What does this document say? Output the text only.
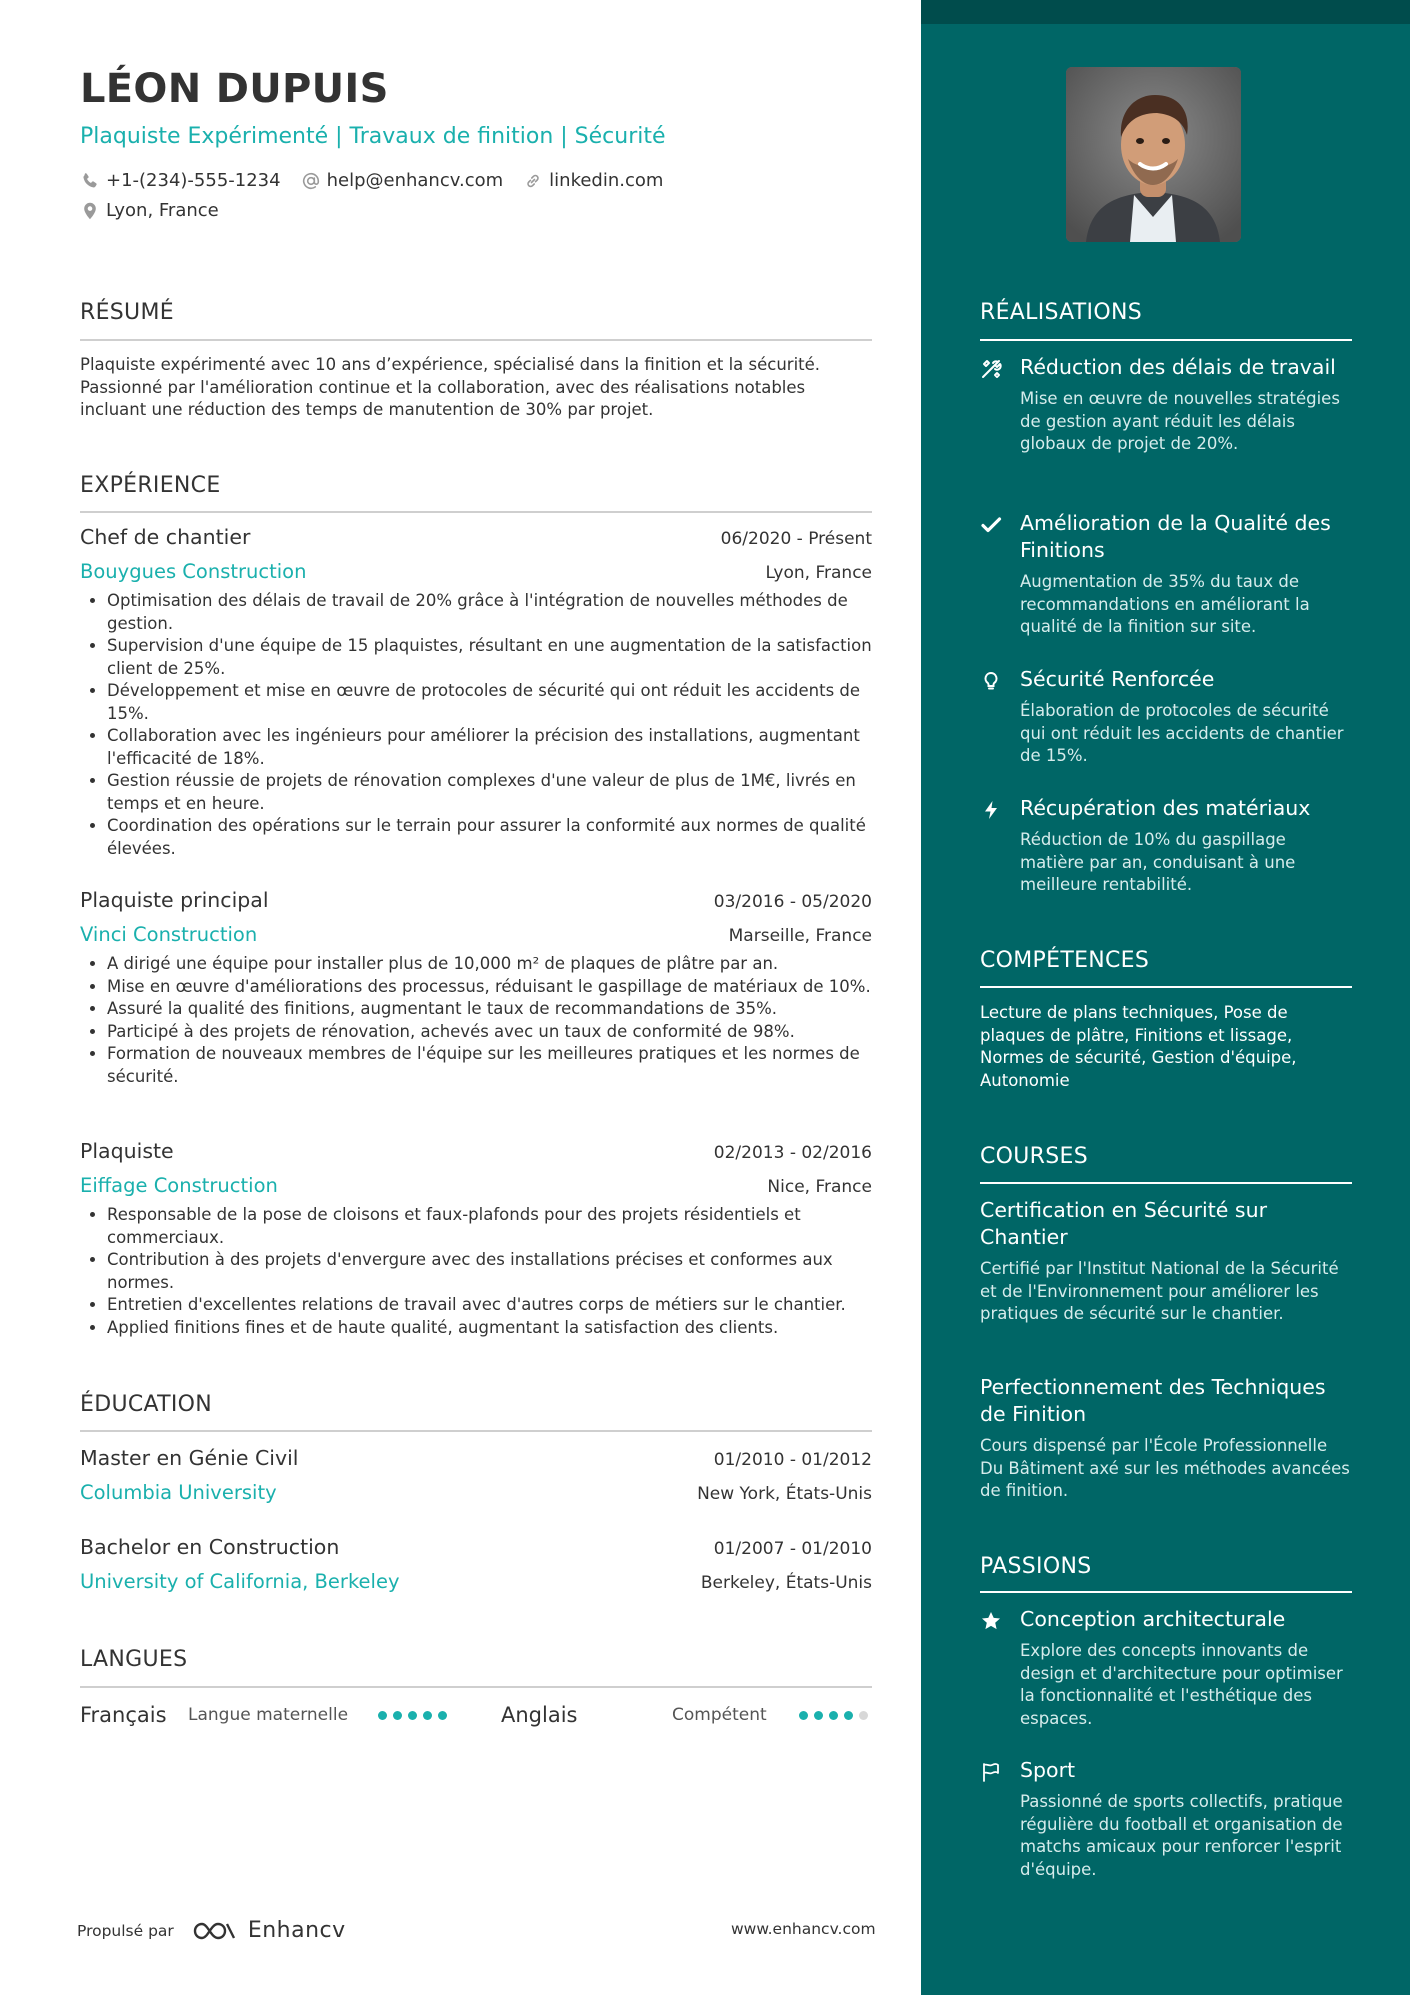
LÉON DUPUIS
Plaquiste Expérimenté | Travaux de finition | Sécurité
+1-(234)-555-1234	help@enhancv.com	linkedin.com
Lyon, France
RÉSUMÉ
Plaquiste expérimenté avec 10 ans d’expérience, spécialisé dans la finition et la sécurité. Passionné par l'amélioration continue et la collaboration, avec des réalisations notables incluant une réduction des temps de manutention de 30% par projet.
EXPÉRIENCE
Chef de chantier	06/2020 - Présent
Bouygues Construction	Lyon, France
• Optimisation des délais de travail de 20% grâce à l'intégration de nouvelles méthodes de gestion.
• Supervision d'une équipe de 15 plaquistes, résultant en une augmentation de la satisfaction client de 25%.
• Développement et mise en œuvre de protocoles de sécurité qui ont réduit les accidents de 15%.
• Collaboration avec les ingénieurs pour améliorer la précision des installations, augmentant l'efficacité de 18%.
• Gestion réussie de projets de rénovation complexes d'une valeur de plus de 1M€, livrés en temps et en heure.
• Coordination des opérations sur le terrain pour assurer la conformité aux normes de qualité élevées.
Plaquiste principal	03/2016 - 05/2020
Vinci Construction	Marseille, France
• A dirigé une équipe pour installer plus de 10,000 m² de plaques de plâtre par an.
• Mise en œuvre d'améliorations des processus, réduisant le gaspillage de matériaux de 10%.
• Assuré la qualité des finitions, augmentant le taux de recommandations de 35%.
• Participé à des projets de rénovation, achevés avec un taux de conformité de 98%.
• Formation de nouveaux membres de l'équipe sur les meilleures pratiques et les normes de sécurité.
Plaquiste	02/2013 - 02/2016
Eiffage Construction	Nice, France
• Responsable de la pose de cloisons et faux-plafonds pour des projets résidentiels et commerciaux.
• Contribution à des projets d'envergure avec des installations précises et conformes aux normes.
• Entretien d'excellentes relations de travail avec d'autres corps de métiers sur le chantier.
• Applied finitions fines et de haute qualité, augmentant la satisfaction des clients.
ÉDUCATION
Master en Génie Civil	01/2010 - 01/2012
Columbia University	New York, États-Unis
Bachelor en Construction	01/2007 - 01/2010
University of California, Berkeley	Berkeley, États-Unis
LANGUES
Français	Langue maternelle	Anglais	Compétent
Propulsé par	Enhancv	www.enhancv.com
RÉALISATIONS
Réduction des délais de travail
Mise en œuvre de nouvelles stratégies de gestion ayant réduit les délais globaux de projet de 20%.
Amélioration de la Qualité des Finitions
Augmentation de 35% du taux de recommandations en améliorant la qualité de la finition sur site.
Sécurité Renforcée
Élaboration de protocoles de sécurité qui ont réduit les accidents de chantier de 15%.
Récupération des matériaux
Réduction de 10% du gaspillage matière par an, conduisant à une meilleure rentabilité.
COMPÉTENCES
Lecture de plans techniques, Pose de plaques de plâtre, Finitions et lissage, Normes de sécurité, Gestion d'équipe, Autonomie
COURSES
Certification en Sécurité sur Chantier
Certifié par l'Institut National de la Sécurité et de l'Environnement pour améliorer les pratiques de sécurité sur le chantier.
Perfectionnement des Techniques de Finition
Cours dispensé par l'École Professionnelle Du Bâtiment axé sur les méthodes avancées de finition.
PASSIONS
Conception architecturale
Explore des concepts innovants de design et d'architecture pour optimiser la fonctionnalité et l'esthétique des espaces.
Sport
Passionné de sports collectifs, pratique régulière du football et organisation de matchs amicaux pour renforcer l'esprit d'équipe.
